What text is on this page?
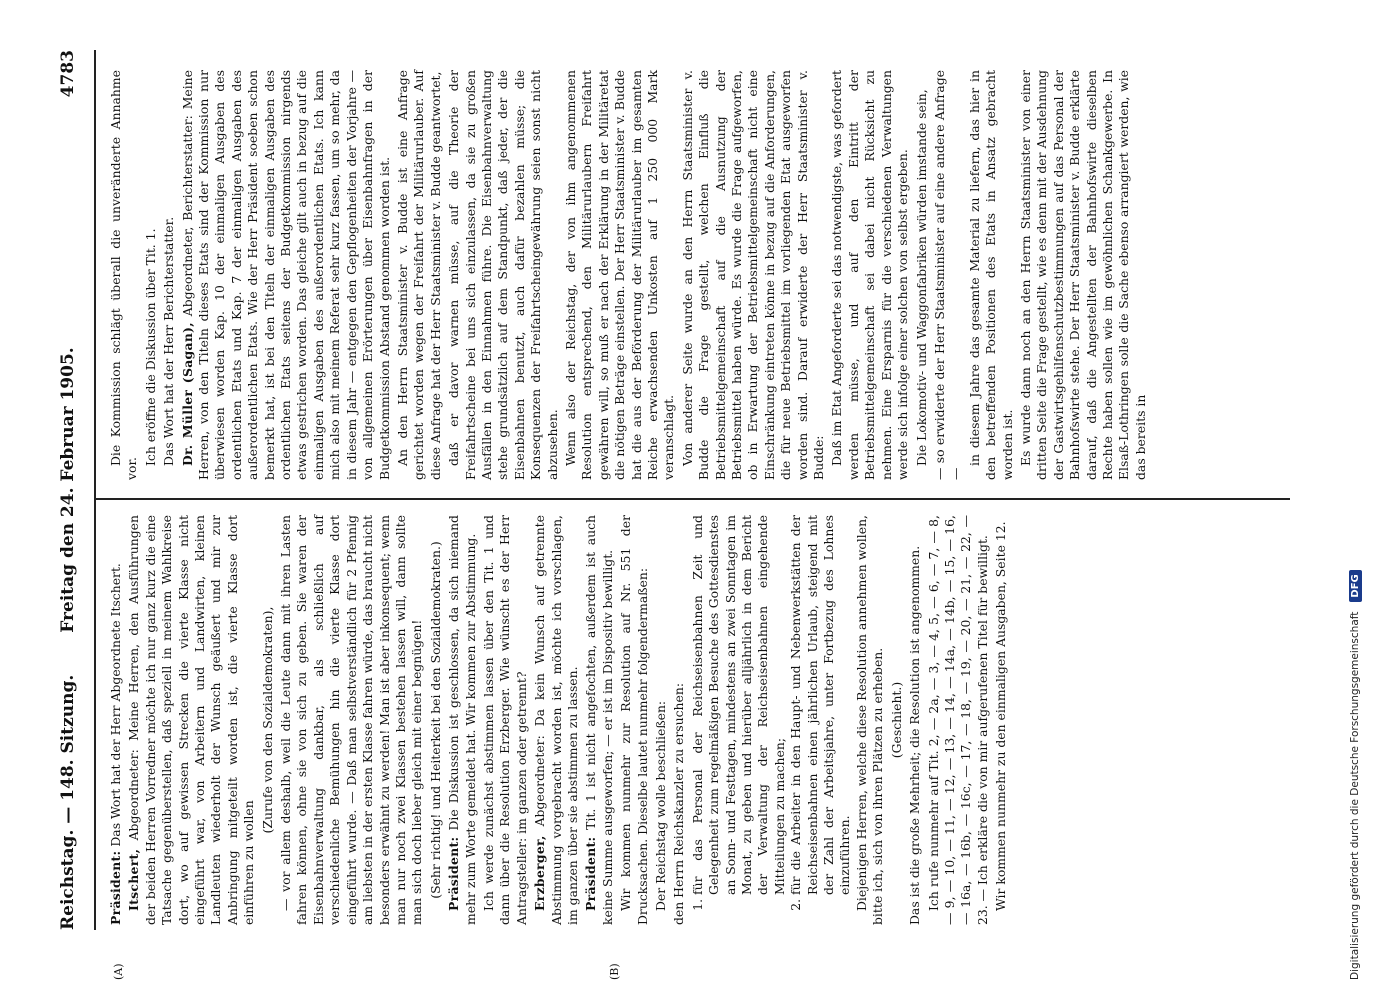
Reichstag. — 148. Sitzung.
Freitag den 24. Februar 1905.
4783

Präsident: Das Wort hat der Herr Abgeordnete Itschert.

Itschert, Abgeordneter: Meine Herren, den Ausführungen der beiden Herren Vorredner möchte ich nur ganz kurz die eine Tatsache gegenüberstellen, daß speziell in meinem Wahlkreise dort, wo auf gewissen Strecken die vierte Klasse nicht eingeführt war, von Arbeitern und Landwirten, kleinen Landleuten wiederholt der Wunsch geäußert und mir zur Anbringung mitgeteilt worden ist, die vierte Klasse dort einführen zu wollen

(Zurufe von den Sozialdemokraten), — vor allem deshalb, weil die Leute dann mit ihren Lasten fahren können, ohne sie von sich zu geben. Sie waren der Eisenbahnverwaltung dankbar, als schließlich auf verschiedenliche Bemühungen hin die vierte Klasse dort eingeführt wurde. — Daß man selbstverständlich für 2 Pfennig am liebsten in der ersten Klasse fahren würde, das braucht nicht besonders erwähnt zu werden! Man ist aber inkonsequent; wenn man nur noch zwei Klassen bestehen lassen will, dann sollte man sich doch lieber gleich mit einer begnügen! (Sehr richtig! und Heiterkeit bei den Sozialdemokraten.) Präsident: Die Diskussion ist geschlossen, da sich niemand mehr zum Worte gemeldet hat. Wir kommen zur Abstimmung. Ich werde zunächst abstimmen lassen über den Tit. 1 und dann über die Resolution Erzberger. Wie wünscht es der Herr Antragsteller: im ganzen oder getrennt? Erzberger, Abgeordneter: Da kein Wunsch auf getrennte Abstimmung vorgebracht worden ist, möchte ich vorschlagen, im ganzen über sie abstimmen zu lassen. Präsident: Tit. 1 ist nicht angefochten, außerdem ist auch keine Summe ausgeworfen; — er ist im Dispositiv bewilligt. Wir kommen nunmehr zur Resolution auf Nr. 551 der Drucksachen. Dieselbe lautet nunmehr folgendermaßen: Der Reichstag wolle beschließen: den Herrn Reichskanzler zu ersuchen: 1. für das Personal der Reichseisenbahnen Zeit und Gelegenheit zum regelmäßigen Besuche des Gottesdienstes an Sonn- und Festtagen, mindestens an zwei Sonntagen im Monat, zu geben und hierüber alljährlich in dem Bericht der Verwaltung der Reichseisenbahnen eingehende Mitteilungen zu machen; 2. für die Arbeiter in den Haupt- und Nebenwerkstätten der Reichseisenbahnen einen jährlichen Urlaub, steigend mit der Zahl der Arbeitsjahre, unter Fortbezug des Lohnes einzuführen. Diejenigen Herren, welche diese Resolution annehmen wollen, bitte ich, sich von ihren Plätzen zu erheben. (Geschieht.) Das ist die große Mehrheit; die Resolution ist angenommen. Ich rufe nunmehr auf Tit. 2, — 2a, — 3, — 4, 5, — 6, — 7, — 8, — 9, — 10, — 11, — 12, — 13, — 14, — 14a, — 14b, — 15, — 16, — 16a, — 16b, — 16c, — 17, — 18, — 19, — 20, — 21, — 22, — 23. — Ich erkläre die von mir aufgerufenen Titel für bewilligt. Wir kommen nunmehr zu den einmaligen Ausgaben, Seite 12.

Die Kommission schlägt überall die unveränderte Annahme vor.

Ich eröffne die Diskussion über Tit. 1. Das Wort hat der Herr Berichterstatter. Dr. Müller (Sagan), Abgeordneter, Berichterstatter: Meine Herren, von den Titeln dieses Etats sind der Kommission nur überwiesen worden Kap. 10 der einmaligen Ausgaben des ordentlichen Etats und Kap. 7 der einmaligen Ausgaben des außerordentlichen Etats. Wie der Herr Präsident soeben schon bemerkt hat, ist bei den Titeln der einmaligen Ausgaben des ordentlichen Etats seitens der Budgetkommission nirgends etwas gestrichen worden. Das gleiche gilt auch in bezug auf die einmaligen Ausgaben des außerordentlichen Etats. Ich kann mich also mit meinem Referat sehr kurz fassen, um so mehr, da in diesem Jahr — entgegen den Gepflogenheiten der Vorjahre — von allgemeinen Erörterungen über Eisenbahnfragen in der Budgetkommission Abstand genommen worden ist. An den Herrn Staatsminister v. Budde ist eine Anfrage gerichtet worden wegen der Freifahrt der Militärurlauber. Auf diese Anfrage hat der Herr Staatsminister v. Budde geantwortet, daß er davor warnen müsse, auf die Theorie der Freifahrtscheine bei uns sich einzulassen, da sie zu großen Ausfällen in den Einnahmen führe. Die Eisenbahnverwaltung stehe grundsätzlich auf dem Standpunkt, daß jeder, der die Eisenbahnen benutzt, auch dafür bezahlen müsse; die Konsequenzen der Freifahrtscheingewährung seien sonst nicht abzusehen. Wenn also der Reichstag, der von ihm angenommenen Resolution entsprechend, den Militärurlaubern Freifahrt gewähren will, so muß er nach der Erklärung in der Militäretat die nötigen Beträge einstellen. Der Herr Staatsminister v. Budde hat die aus der Beförderung der Militärurlauber im gesamten Reiche erwachsenden Unkosten auf 1 250 000 Mark veranschlagt. Von anderer Seite wurde an den Herrn Staatsminister v. Budde die Frage gestellt, welchen Einfluß die Betriebsmittelgemeinschaft auf die Ausnutzung der Betriebsmittel haben würde. Es wurde die Frage aufgeworfen, ob in Erwartung der Betriebsmittelgemeinschaft nicht eine Einschränkung eintreten könne in bezug auf die Anforderungen, die für neue Betriebsmittel im vorliegenden Etat ausgeworfen worden sind. Darauf erwiderte der Herr Staatsminister v. Budde: Daß im Etat Angeforderte sei das notwendigste, was gefordert werden müsse, und auf den Eintritt der Betriebsmittelgemeinschaft sei dabei nicht Rücksicht zu nehmen. Eine Ersparnis für die verschiedenen Verwaltungen werde sich infolge einer solchen von selbst ergeben. Die Lokomotiv- und Waggonfabriken würden imstande sein, — so erwiderte der Herr Staatsminister auf eine andere Anfrage —

in diesem Jahre das gesamte Material zu liefern, das hier in den betreffenden Positionen des Etats in Ansatz gebracht worden ist. Es wurde dann noch an den Herrn Staatsminister von einer dritten Seite die Frage gestellt, wie es denn mit der Ausdehnung der Gastwirtsgehilfenschutzbestimmungen auf das Personal der Bahnhofswirte stehe. Der Herr Staatsminister v. Budde erklärte darauf, daß die Angestellten der Bahnhofswirte dieselben Rechte haben sollen wie im gewöhnlichen Schankgewerbe. In Elsaß-Lothringen solle die Sache ebenso arrangiert werden, wie das bereits in

(A)	(B)	Digitalisierung gefördert durch die Deutsche Forschungsgemeinschaft
DFG
